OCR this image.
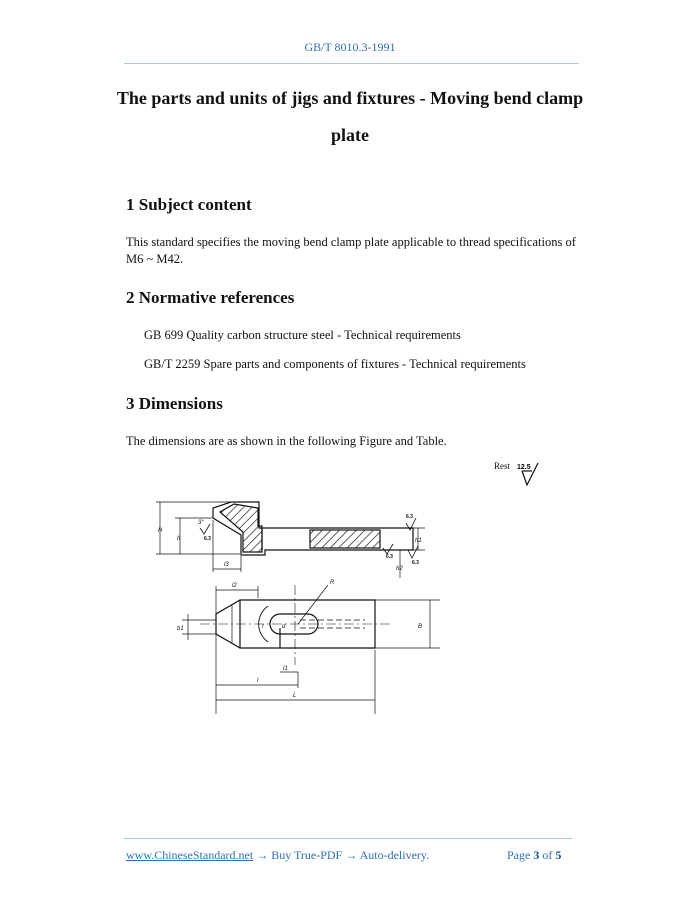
GB/T 8010.3-1991
The parts and units of jigs and fixtures - Moving bend clamp plate
1 Subject content
This standard specifies the moving bend clamp plate applicable to thread specifications of M6 ~ M42.
2 Normative references
GB 699 Quality carbon structure steel - Technical requirements
GB/T 2259 Spare parts and components of fixtures - Technical requirements
3 Dimensions
The dimensions are as shown in the following Figure and Table.
Rest 12.5
H
h	h1
h2
l3
l2
l1
l
L
b1	B
d
R
r
3°
6.3
6.3
6.3
6.3
www.ChineseStandard.net → Buy True-PDF → Auto-delivery.	Page 3 of 5
